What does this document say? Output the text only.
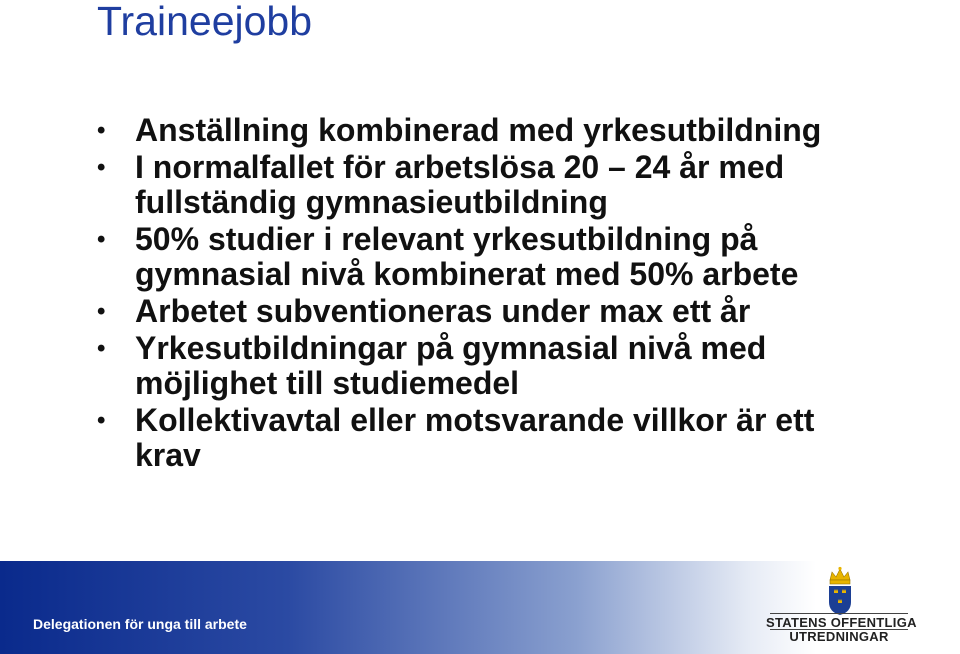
Traineejobb
• Anställning kombinerad med yrkesutbildning
• I normalfallet för arbetslösa 20 – 24 år med fullständig gymnasieutbildning
• 50% studier i relevant yrkesutbildning på gymnasial nivå kombinerat med 50% arbete
• Arbetet subventioneras under max ett år
• Yrkesutbildningar på gymnasial nivå med möjlighet till studiemedel
• Kollektivavtal eller motsvarande villkor är ett krav
Delegationen för unga till arbete	STATENS OFFENTLIGA
UTREDNINGAR
